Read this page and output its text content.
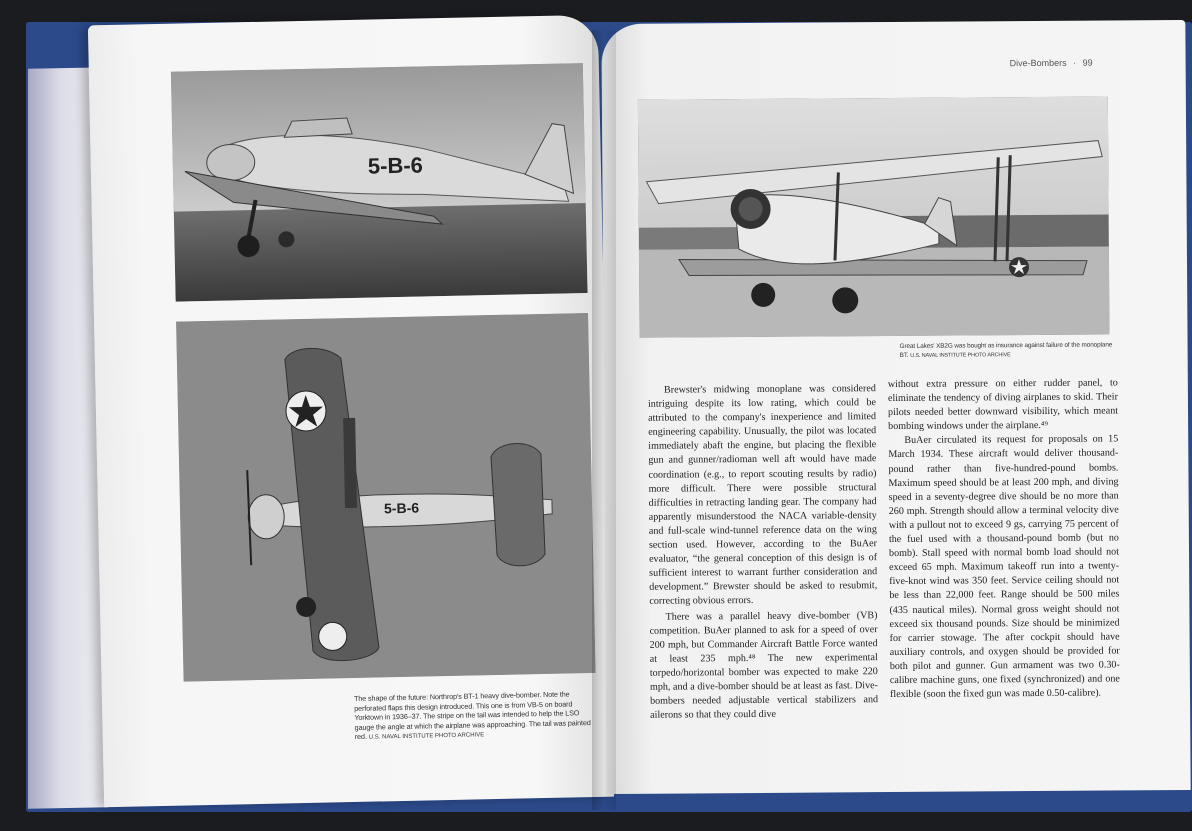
5-B-6
5-B-6
The shape of the future: Northrop's BT-1 heavy dive-bomber. Note the perforated flaps this design introduced. This one is from VB-5 on board Yorktown in 1936–37. The stripe on the tail was intended to help the LSO gauge the angle at which the airplane was approaching. The tail was painted red. U.S. NAVAL INSTITUTE PHOTO ARCHIVE
Dive-Bombers · 99
Great Lakes' XB2G was bought as insurance against failure of the monoplane BT. U.S. NAVAL INSTITUTE PHOTO ARCHIVE

Brewster's midwing monoplane was considered intriguing despite its low rating, which could be attributed to the company's inexperience and limited engineering capability. Unusually, the pilot was located immediately abaft the engine, but placing the flexible gun and gunner/radioman well aft would have made coordination (e.g., to report scouting results by radio) more difficult. There were possible structural difficulties in retracting landing gear. The company had apparently misunderstood the NACA variable-density and full-scale wind-tunnel reference data on the wing section used. However, according to the BuAer evaluator, “the general conception of this design is of sufficient interest to warrant further consideration and development.” Brewster should be asked to resubmit, correcting obvious errors.

There was a parallel heavy dive-bomber (VB) competition. BuAer planned to ask for a speed of over 200 mph, but Commander Aircraft Battle Force wanted at least 235 mph.⁴⁸ The new experimental torpedo/horizontal bomber was expected to make 220 mph, and a dive-bomber should be at least as fast. Dive-bombers needed adjustable vertical stabilizers and ailerons so that they could dive

without extra pressure on either rudder panel, to eliminate the tendency of diving airplanes to skid. Their pilots needed better downward visibility, which meant bombing windows under the airplane.⁴⁹

BuAer circulated its request for proposals on 15 March 1934. These aircraft would deliver thousand-pound rather than five-hundred-pound bombs. Maximum speed should be at least 200 mph, and diving speed in a seventy-degree dive should be no more than 260 mph. Strength should allow a terminal velocity dive with a pullout not to exceed 9 gs, carrying 75 percent of the fuel used with a thousand-pound bomb (but no bomb). Stall speed with normal bomb load should not exceed 65 mph. Maximum takeoff run into a twenty-five-knot wind was 350 feet. Service ceiling should not be less than 22,000 feet. Range should be 500 miles (435 nautical miles). Normal gross weight should not exceed six thousand pounds. Size should be minimized for carrier stowage. The after cockpit should have auxiliary controls, and oxygen should be provided for both pilot and gunner. Gun armament was two 0.30-calibre machine guns, one fixed (synchronized) and one flexible (soon the fixed gun was made 0.50-calibre).
